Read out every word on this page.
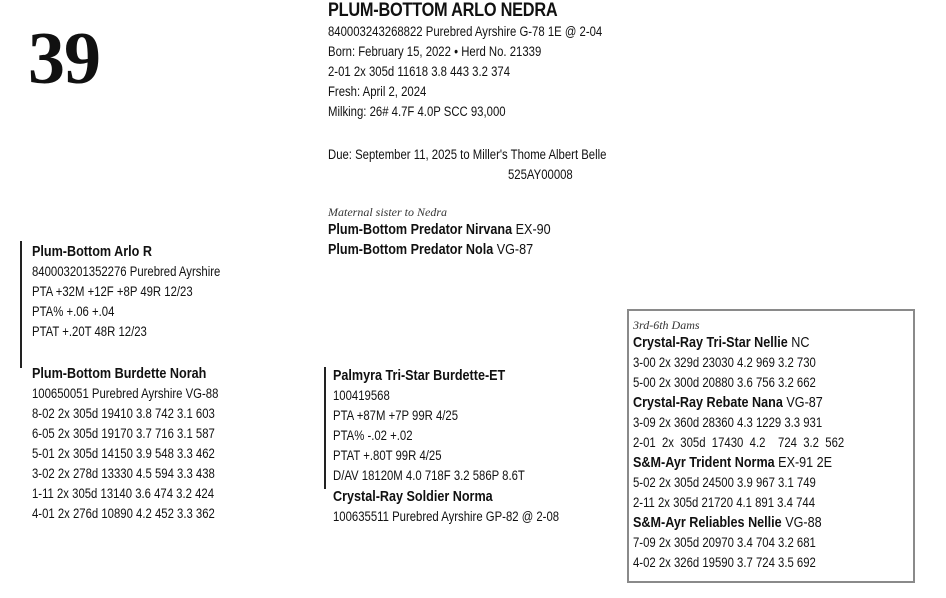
39
PLUM-BOTTOM ARLO NEDRA
840003243268822 Purebred Ayrshire G-78 1E @ 2-04
Born: February 15, 2022 • Herd No. 21339
2-01 2x 305d 11618 3.8 443 3.2 374
Fresh: April 2, 2024
Milking: 26# 4.7F 4.0P SCC 93,000
Due: September 11, 2025 to Miller's Thome Albert Belle
525AY00008
Maternal sister to Nedra
Plum-Bottom Predator Nirvana EX-90
Plum-Bottom Predator Nola VG-87
Plum-Bottom Arlo R
840003201352276 Purebred Ayrshire
PTA +32M +12F +8P 49R 12/23
PTA% +.06 +.04
PTAT +.20T 48R 12/23
Plum-Bottom Burdette Norah
100650051 Purebred Ayrshire VG-88
8-02 2x 305d 19410 3.8 742 3.1 603
6-05 2x 305d 19170 3.7 716 3.1 587
5-01 2x 305d 14150 3.9 548 3.3 462
3-02 2x 278d 13330 4.5 594 3.3 438
1-11 2x 305d 13140 3.6 474 3.2 424
4-01 2x 276d 10890 4.2 452 3.3 362
Palmyra Tri-Star Burdette-ET
100419568
PTA +87M +7P 99R 4/25
PTA% -.02 +.02
PTAT +.80T 99R 4/25
D/AV 18120M 4.0 718F 3.2 586P 8.6T
Crystal-Ray Soldier Norma
100635511 Purebred Ayrshire GP-82 @ 2-08
3rd-6th Dams
Crystal-Ray Tri-Star Nellie NC
3-00 2x 329d 23030 4.2 969 3.2 730
5-00 2x 300d 20880 3.6 756 3.2 662
Crystal-Ray Rebate Nana VG-87
3-09 2x 360d 28360 4.3 1229 3.3 931
2-01  2x  305d  17430  4.2    724  3.2  562
S&M-Ayr Trident Norma EX-91 2E
5-02 2x 305d 24500 3.9 967 3.1 749
2-11 2x 305d 21720 4.1 891 3.4 744
S&M-Ayr Reliables Nellie VG-88
7-09 2x 305d 20970 3.4 704 3.2 681
4-02 2x 326d 19590 3.7 724 3.5 692
